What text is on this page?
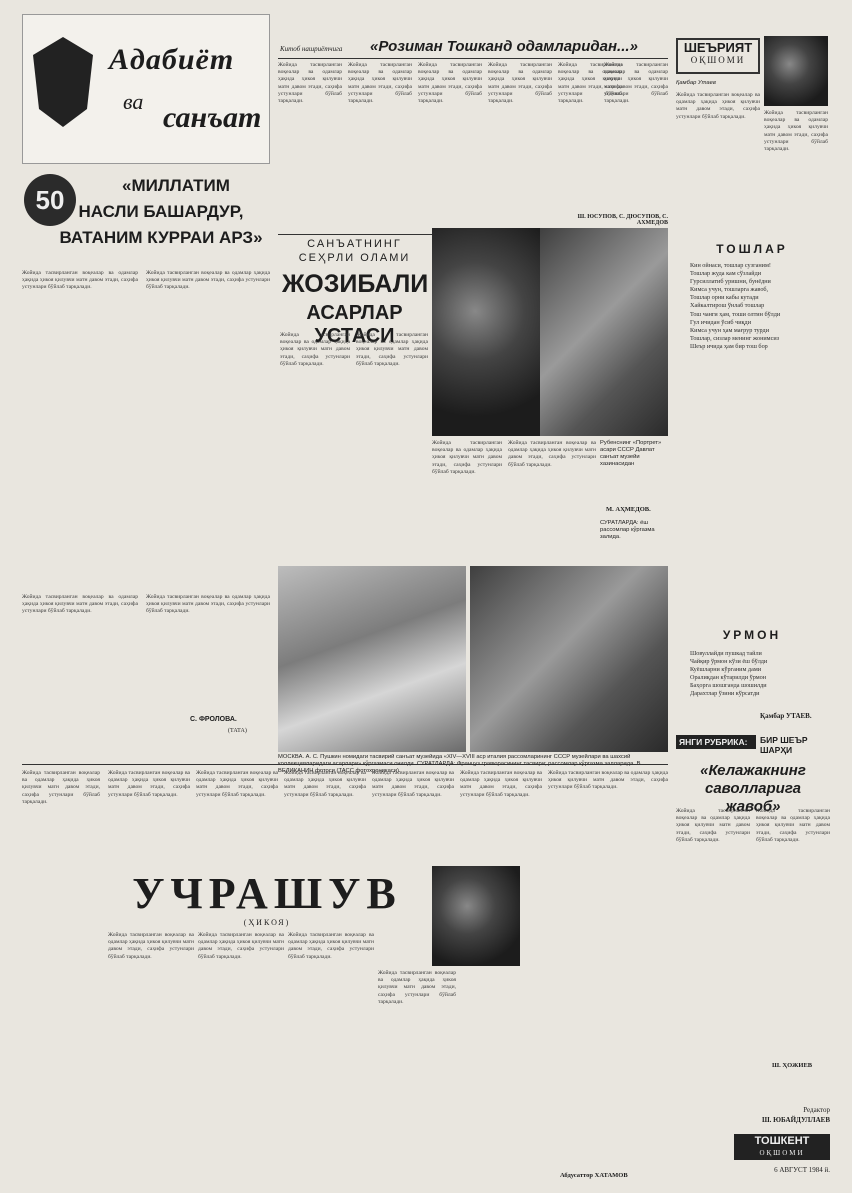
Адабиёт
ва санъат
50	«МИЛЛАТИМ
НАСЛИ БАШАРДУР,
ВАТАНИМ КУРРАИ АРЗ»
Жойида тасвирланган воқеалар ва одамлар ҳақида ҳикоя қилувчи матн давом этади, саҳифа устунлари бўйлаб тарқалади.
Жойида тасвирланган воқеалар ва одамлар ҳақида ҳикоя қилувчи матн давом этади, саҳифа устунлари бўйлаб тарқалади.
Жойида тасвирланган воқеалар ва одамлар ҳақида ҳикоя қилувчи матн давом этади, саҳифа устунлари бўйлаб тарқалади.
Жойида тасвирланган воқеалар ва одамлар ҳақида ҳикоя қилувчи матн давом этади, саҳифа устунлари бўйлаб тарқалади.
С. ФРОЛОВА.
(ТАТА)
Китоб нашриётчига «Розиман Тошканд одамларидан...»
Жойида тасвирланган воқеалар ва одамлар ҳақида ҳикоя қилувчи матн давом этади, саҳифа устунлари бўйлаб тарқалади.
Жойида тасвирланган воқеалар ва одамлар ҳақида ҳикоя қилувчи матн давом этади, саҳифа устунлари бўйлаб тарқалади.
Жойида тасвирланган воқеалар ва одамлар ҳақида ҳикоя қилувчи матн давом этади, саҳифа устунлари бўйлаб тарқалади.
Жойида тасвирланган воқеалар ва одамлар ҳақида ҳикоя қилувчи матн давом этади, саҳифа устунлари бўйлаб тарқалади.
Жойида тасвирланган воқеалар ва одамлар ҳақида ҳикоя қилувчи матн давом этади, саҳифа устунлари бўйлаб тарқалади.
Жойида тасвирланган воқеалар ва одамлар ҳақида ҳикоя қилувчи матн давом этади, саҳифа устунлари бўйлаб тарқалади.
Ш. ЮСУПОВ, С. ДЮСУПОВ, С. АХМЕДОВ
ШЕЪРИЯТ
ОҚШОМИ
Қамбар Утаев
Жойида тасвирланган воқеалар ва одамлар ҳақида ҳикоя қилувчи матн давом этади, саҳифа устунлари бўйлаб тарқалади.
Жойида тасвирланган воқеалар ва одамлар ҳақида ҳикоя қилувчи матн давом этади, саҳифа устунлари бўйлаб тарқалади.
ТОШЛАР
Кин ойнаси, тошлар сузганим!
Тошлар жуда кам сўзлайди
Гурсиллатиб уришни, бунёдни
Кимса учун, тошларга жавоб,
Тошлар орни кабы кутади
Хайкалтирош ўнлаб тошлар
Тош чанги ҳам, тоши олтин бўлди
Гул ичидан ўсиб чиқди
Кимса учун ҳам мағрур турди
Тошлар, сизлар менинг жонимсиз
Шеър ичида ҳам бир тош бор
УРМОН
Шовуллайди пушкад тайли
Чайқир ўрмон кўзи ёш бўлди
Куёшларни кўрганим дами
Оралиқдан кўтарилди ўрмон
Баҳорга шошганда шошилди
Дарахтлар ўзини кўрсатди
Қамбар УТАЕВ.
САНЪАТНИНГ
СЕҲРЛИ ОЛАМИ
ЖОЗИБАЛИ
АСАРЛАР УСТАСИ
Жойида тасвирланган воқеалар ва одамлар ҳақида ҳикоя қилувчи матн давом этади, саҳифа устунлари бўйлаб тарқалади.
Жойида тасвирланган воқеалар ва одамлар ҳақида ҳикоя қилувчи матн давом этади, саҳифа устунлари бўйлаб тарқалади.
Рубенснинг «Портрет» асари СССР Давлат санъат музейи хазинасидан
Жойида тасвирланган воқеалар ва одамлар ҳақида ҳикоя қилувчи матн давом этади, саҳифа устунлари бўйлаб тарқалади.
Жойида тасвирланган воқеалар ва одамлар ҳақида ҳикоя қилувчи матн давом этади, саҳифа устунлари бўйлаб тарқалади.
М. АҲМЕДОВ.
СУРАТЛАРДА: ёш рассомлар кўргазма залида.
МОСКВА. А. С. Пушкин номидаги тасвирий санъат музейида «XIV—XVIII аср италия рассомларининг СССР музейлари ва шахсий ВЕЛИКАНИН фотоси (ТАСС фотохроникаси).
ЯНГИ РУБРИКА:	БИР ШЕЪР ШАРҲИ
«Келажакнинг саволларига жавоб»
Жойида тасвирланган воқеалар ва одамлар ҳақида ҳикоя қилувчи матн давом этади, саҳифа устунлари бўйлаб тарқалади.
Жойида тасвирланган воқеалар ва одамлар ҳақида ҳикоя қилувчи матн давом этади, саҳифа устунлари бўйлаб тарқалади.
Ш. ҲОЖИЕВ
Жойида тасвирланган воқеалар ва одамлар ҳақида ҳикоя қилувчи матн давом этади, саҳифа устунлари бўйлаб тарқалади.
Жойида тасвирланган воқеалар ва одамлар ҳақида ҳикоя қилувчи матн давом этади, саҳифа устунлари бўйлаб тарқалади.
Жойида тасвирланган воқеалар ва одамлар ҳақида ҳикоя қилувчи матн давом этади, саҳифа устунлари бўйлаб тарқалади.
Жойида тасвирланган воқеалар ва одамлар ҳақида ҳикоя қилувчи матн давом этади, саҳифа устунлари бўйлаб тарқалади.
Жойида тасвирланган воқеалар ва одамлар ҳақида ҳикоя қилувчи матн давом этади, саҳифа устунлари бўйлаб тарқалади.
Жойида тасвирланган воқеалар ва одамлар ҳақида ҳикоя қилувчи матн давом этади, саҳифа устунлари бўйлаб тарқалади.
Жойида тасвирланган воқеалар ва одамлар ҳақида ҳикоя қилувчи матн давом этади, саҳифа устунлари бўйлаб тарқалади.
УЧРАШУВ
(ҲИКОЯ)
Жойида тасвирланган воқеалар ва одамлар ҳақида ҳикоя қилувчи матн давом этади, саҳифа устунлари бўйлаб тарқалади.
Жойида тасвирланган воқеалар ва одамлар ҳақида ҳикоя қилувчи матн давом этади, саҳифа устунлари бўйлаб тарқалади.
Жойида тасвирланган воқеалар ва одамлар ҳақида ҳикоя қилувчи матн давом этади, саҳифа устунлари бўйлаб тарқалади.
Жойида тасвирланган воқеалар ва одамлар ҳақида ҳикоя қилувчи матн давом этади, саҳифа устунлари бўйлаб тарқалади.
Абдусаттор ХАТАМОВ
Редактор
Ш. ЮБАЙДУЛЛАЕВ
ТОШКЕНТ
ОҚШОМИ
6 АВГУСТ 1984 й.
